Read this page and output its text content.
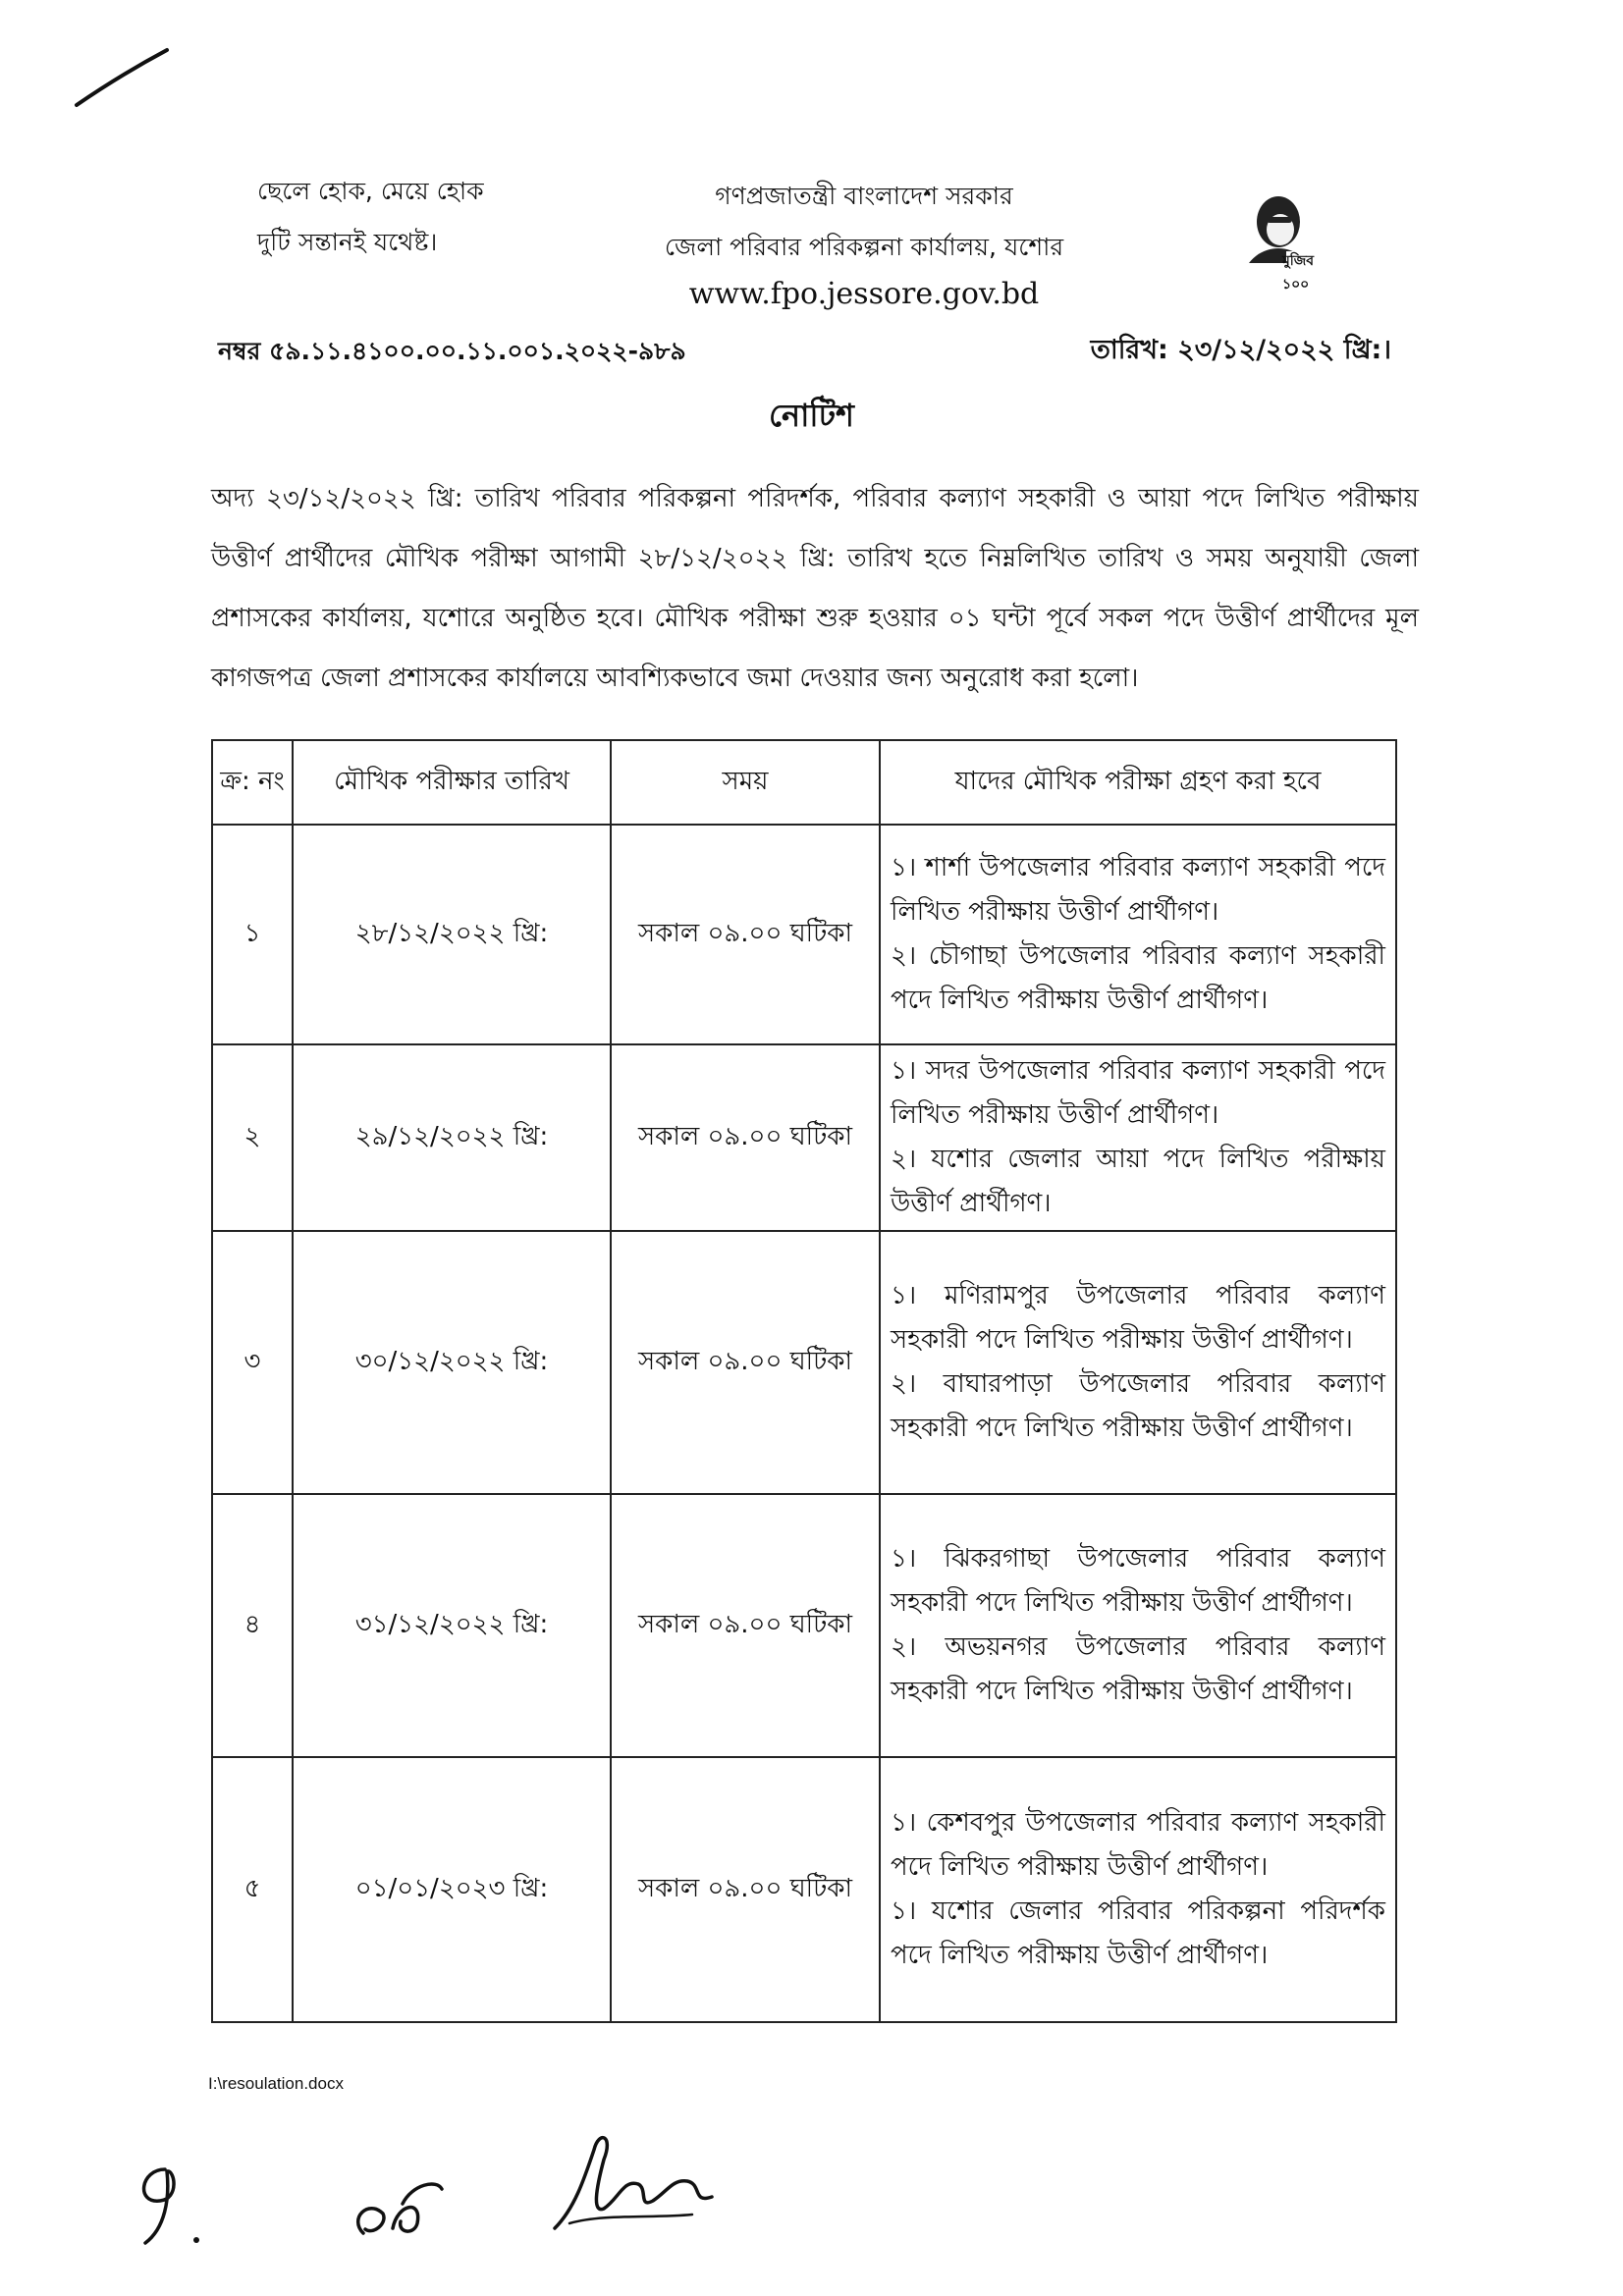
ছেলে হোক, মেয়ে হোক
দুটি সন্তানই যথেষ্ট।
গণপ্রজাতন্ত্রী বাংলাদেশ সরকার
জেলা পরিবার পরিকল্পনা কার্যালয়, যশোর
www.fpo.jessore.gov.bd
মুজিব ১০০
নম্বর ৫৯.১১.৪১০০.০০.১১.০০১.২০২২-৯৮৯	তারিখ: ২৩/১২/২০২২ খ্রি:।
নোটিশ
অদ্য ২৩/১২/২০২২ খ্রি: তারিখ পরিবার পরিকল্পনা পরিদর্শক, পরিবার কল্যাণ সহকারী ও আয়া পদে লিখিত পরীক্ষায় উত্তীর্ণ প্রার্থীদের মৌখিক পরীক্ষা আগামী ২৮/১২/২০২২ খ্রি: তারিখ হতে নিম্নলিখিত তারিখ ও সময় অনুযায়ী জেলা প্রশাসকের কার্যালয়, যশোরে অনুষ্ঠিত হবে। মৌখিক পরীক্ষা শুরু হওয়ার ০১ ঘন্টা পূর্বে সকল পদে উত্তীর্ণ প্রার্থীদের মূল কাগজপত্র জেলা প্রশাসকের কার্যালয়ে আবশ্যিকভাবে জমা দেওয়ার জন্য অনুরোধ করা হলো।
ক্র: নং	মৌখিক পরীক্ষার তারিখ	সময়	যাদের মৌখিক পরীক্ষা গ্রহণ করা হবে
১	২৮/১২/২০২২ খ্রি:	সকাল ০৯.০০ ঘটিকা	১। শার্শা উপজেলার পরিবার কল্যাণ সহকারী পদে লিখিত পরীক্ষায় উত্তীর্ণ প্রার্থীগণ।
২। চৌগাছা উপজেলার পরিবার কল্যাণ সহকারী পদে লিখিত পরীক্ষায় উত্তীর্ণ প্রার্থীগণ।

২	২৯/১২/২০২২ খ্রি:	সকাল ০৯.০০ ঘটিকা	১। সদর উপজেলার পরিবার কল্যাণ সহকারী পদে লিখিত পরীক্ষায় উত্তীর্ণ প্রার্থীগণ।
২। যশোর জেলার আয়া পদে লিখিত পরীক্ষায় উত্তীর্ণ প্রার্থীগণ।

৩	৩০/১২/২০২২ খ্রি:	সকাল ০৯.০০ ঘটিকা	১। মণিরামপুর উপজেলার পরিবার কল্যাণ সহকারী পদে লিখিত পরীক্ষায় উত্তীর্ণ প্রার্থীগণ।
২। বাঘারপাড়া উপজেলার পরিবার কল্যাণ সহকারী পদে লিখিত পরীক্ষায় উত্তীর্ণ প্রার্থীগণ।

৪	৩১/১২/২০২২ খ্রি:	সকাল ০৯.০০ ঘটিকা	১। ঝিকরগাছা উপজেলার পরিবার কল্যাণ সহকারী পদে লিখিত পরীক্ষায় উত্তীর্ণ প্রার্থীগণ।
২। অভয়নগর উপজেলার পরিবার কল্যাণ সহকারী পদে লিখিত পরীক্ষায় উত্তীর্ণ প্রার্থীগণ।

৫	০১/০১/২০২৩ খ্রি:	সকাল ০৯.০০ ঘটিকা	১। কেশবপুর উপজেলার পরিবার কল্যাণ সহকারী পদে লিখিত পরীক্ষায় উত্তীর্ণ প্রার্থীগণ।
১। যশোর জেলার পরিবার পরিকল্পনা পরিদর্শক পদে লিখিত পরীক্ষায় উত্তীর্ণ প্রার্থীগণ।
I:\resoulation.docx
